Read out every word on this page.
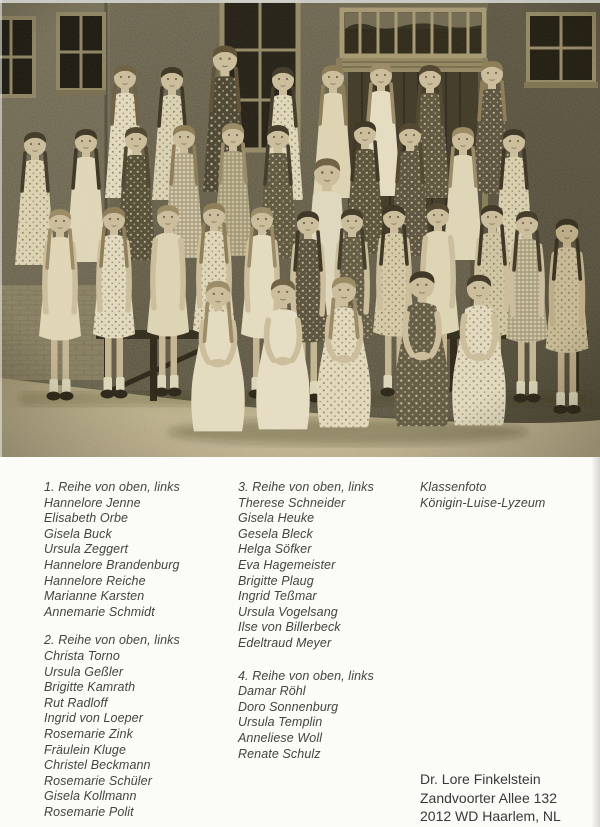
1. Reihe von oben, links
Hannelore Jenne
Elisabeth Orbe
Gisela Buck
Ursula Zeggert
Hannelore Brandenburg
Hannelore Reiche
Marianne Karsten
Annemarie Schmidt
2. Reihe von oben, links
Christa Torno
Ursula Geßler
Brigitte Kamrath
Rut Radloff
Ingrid von Loeper
Rosemarie Zink
Fräulein Kluge
Christel Beckmann
Rosemarie Schüler
Gisela Kollmann
Rosemarie Polit
3. Reihe von oben, links
Therese Schneider
Gisela Heuke
Gesela Bleck
Helga Söfker
Eva Hagemeister
Brigitte Plaug
Ingrid Teßmar
Ursula Vogelsang
Ilse von Billerbeck
Edeltraud Meyer
4. Reihe von oben, links
Damar Röhl
Doro Sonnenburg
Ursula Templin
Anneliese Woll
Renate Schulz
Klassenfoto
Königin-Luise-Lyzeum
Dr. Lore Finkelstein
Zandvoorter Allee 132
2012 WD Haarlem, NL
